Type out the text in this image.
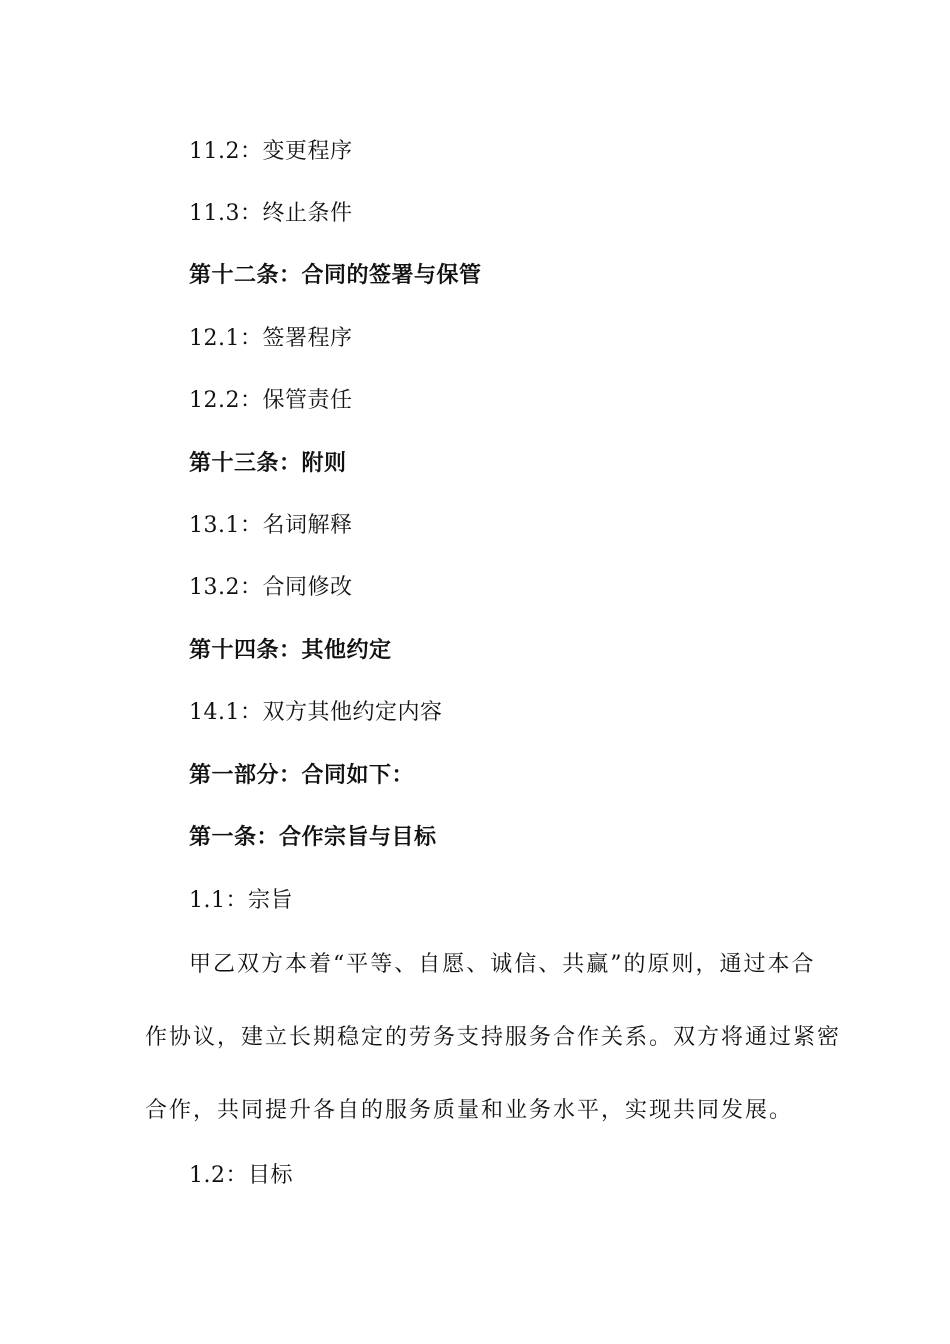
11.2：变更程序
11.3：终止条件
第十二条：合同的签署与保管
12.1：签署程序
12.2：保管责任
第十三条：附则
13.1：名词解释
13.2：合同修改
第十四条：其他约定
14.1：双方其他约定内容
第一部分：合同如下：
第一条：合作宗旨与目标
1.1：宗旨
甲乙双方本着“平等、自愿、诚信、共赢”的原则，通过本合
作协议，建立长期稳定的劳务支持服务合作关系。双方将通过紧密
合作，共同提升各自的服务质量和业务水平，实现共同发展。
1.2：目标
